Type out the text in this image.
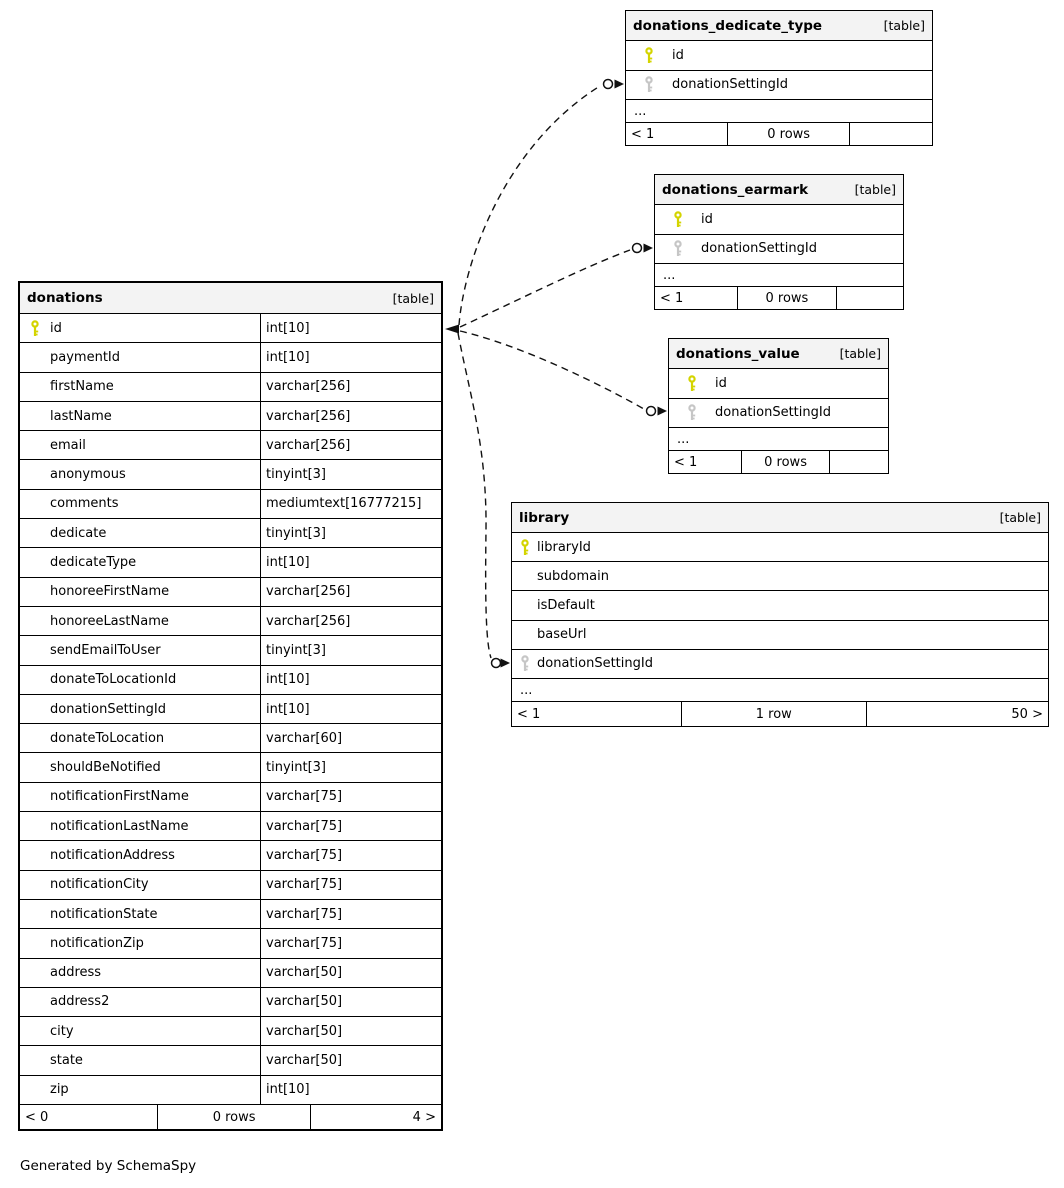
donations	[table]
id	int[10]
paymentId	int[10]
firstName	varchar[256]
lastName	varchar[256]
email	varchar[256]
anonymous	tinyint[3]
comments	mediumtext[16777215]
dedicate	tinyint[3]
dedicateType	int[10]
honoreeFirstName	varchar[256]
honoreeLastName	varchar[256]
sendEmailToUser	tinyint[3]
donateToLocationId	int[10]
donationSettingId	int[10]
donateToLocation	varchar[60]
shouldBeNotified	tinyint[3]
notificationFirstName	varchar[75]
notificationLastName	varchar[75]
notificationAddress	varchar[75]
notificationCity	varchar[75]
notificationState	varchar[75]
notificationZip	varchar[75]
address	varchar[50]
address2	varchar[50]
city	varchar[50]
state	varchar[50]
zip	int[10]
< 0	0 rows	4 >
donations_dedicate_type	[table]
id
donationSettingId
...
< 1	0 rows
donations_earmark	[table]
id
donationSettingId
...
< 1	0 rows
donations_value	[table]
id
donationSettingId
...
< 1	0 rows
library	[table]
libraryId
subdomain
isDefault
baseUrl
donationSettingId
...
< 1	1 row	50 >
Generated by SchemaSpy
